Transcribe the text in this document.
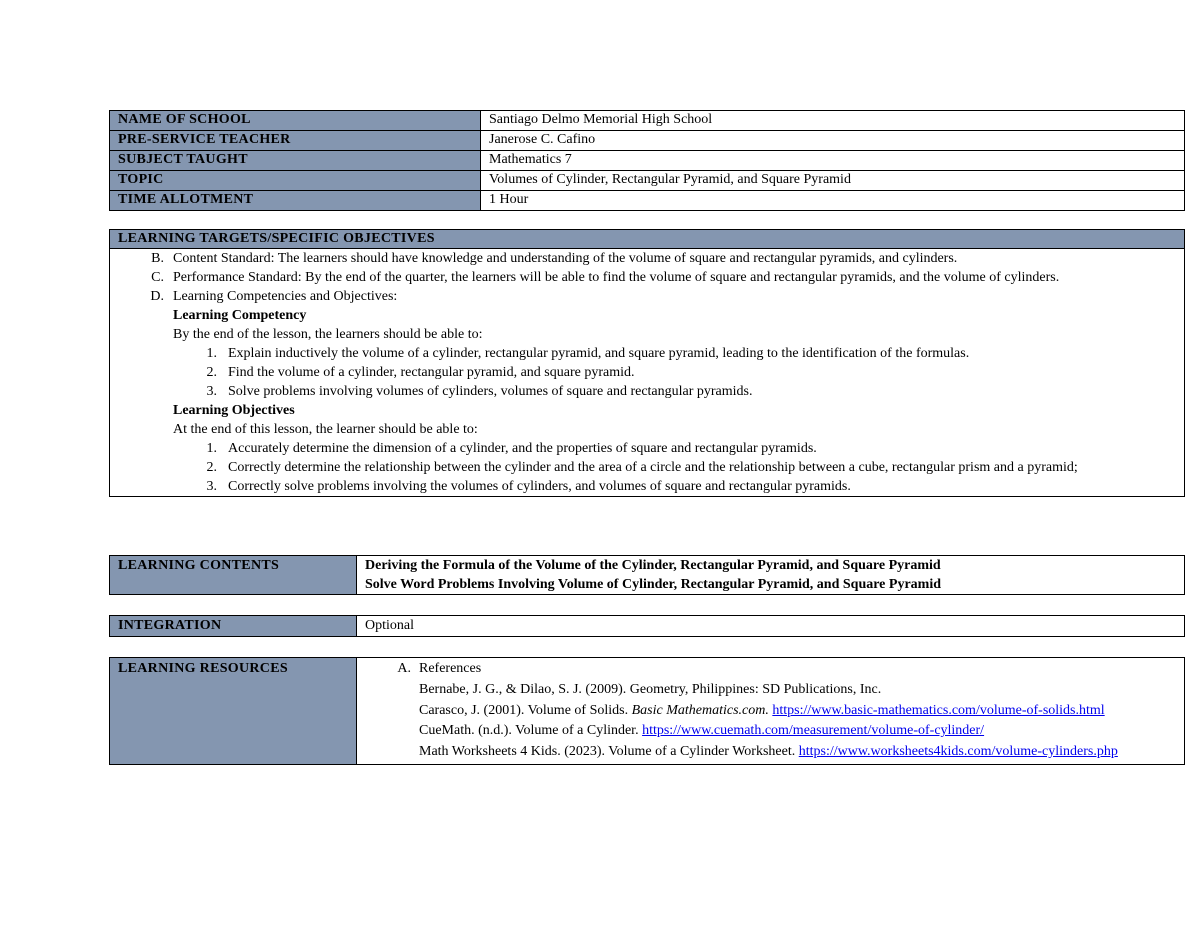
NAME OF SCHOOL	Santiago Delmo Memorial High School
PRE-SERVICE TEACHER	Janerose C. Cafino
SUBJECT TAUGHT	Mathematics 7
TOPIC	Volumes of Cylinder, Rectangular Pyramid, and Square Pyramid
TIME ALLOTMENT	1 Hour
LEARNING TARGETS/SPECIFIC OBJECTIVES

B. Content Standard: The learners should have knowledge and understanding of the volume of square and rectangular pyramids, and cylinders.
C. Performance Standard: By the end of the quarter, the learners will be able to find the volume of square and rectangular pyramids, and the volume of cylinders.
D. Learning Competencies and Objectives:
Learning Competency
By the end of the lesson, the learners should be able to:
1. Explain inductively the volume of a cylinder, rectangular pyramid, and square pyramid, leading to the identification of the formulas.
2. Find the volume of a cylinder, rectangular pyramid, and square pyramid.
3. Solve problems involving volumes of cylinders, volumes of square and rectangular pyramids.
Learning Objectives
At the end of this lesson, the learner should be able to:
1. Accurately determine the dimension of a cylinder, and the properties of square and rectangular pyramids.
2. Correctly determine the relationship between the cylinder and the area of a circle and the relationship between a cube, rectangular prism and a pyramid;
3. Correctly solve problems involving the volumes of cylinders, and volumes of square and rectangular pyramids.
LEARNING CONTENTS	Deriving the Formula of the Volume of the Cylinder, Rectangular Pyramid, and Square Pyramid
Solve Word Problems Involving Volume of Cylinder, Rectangular Pyramid, and Square Pyramid
INTEGRATION	Optional
LEARNING RESOURCES	A. References
Bernabe, J. G., & Dilao, S. J. (2009). Geometry, Philippines: SD Publications, Inc.
Carasco, J. (2001). Volume of Solids. Basic Mathematics.com. https://www.basic-mathematics.com/volume-of-solids.html
CueMath. (n.d.). Volume of a Cylinder. https://www.cuemath.com/measurement/volume-of-cylinder/
Math Worksheets 4 Kids. (2023). Volume of a Cylinder Worksheet. https://www.worksheets4kids.com/volume-cylinders.php
